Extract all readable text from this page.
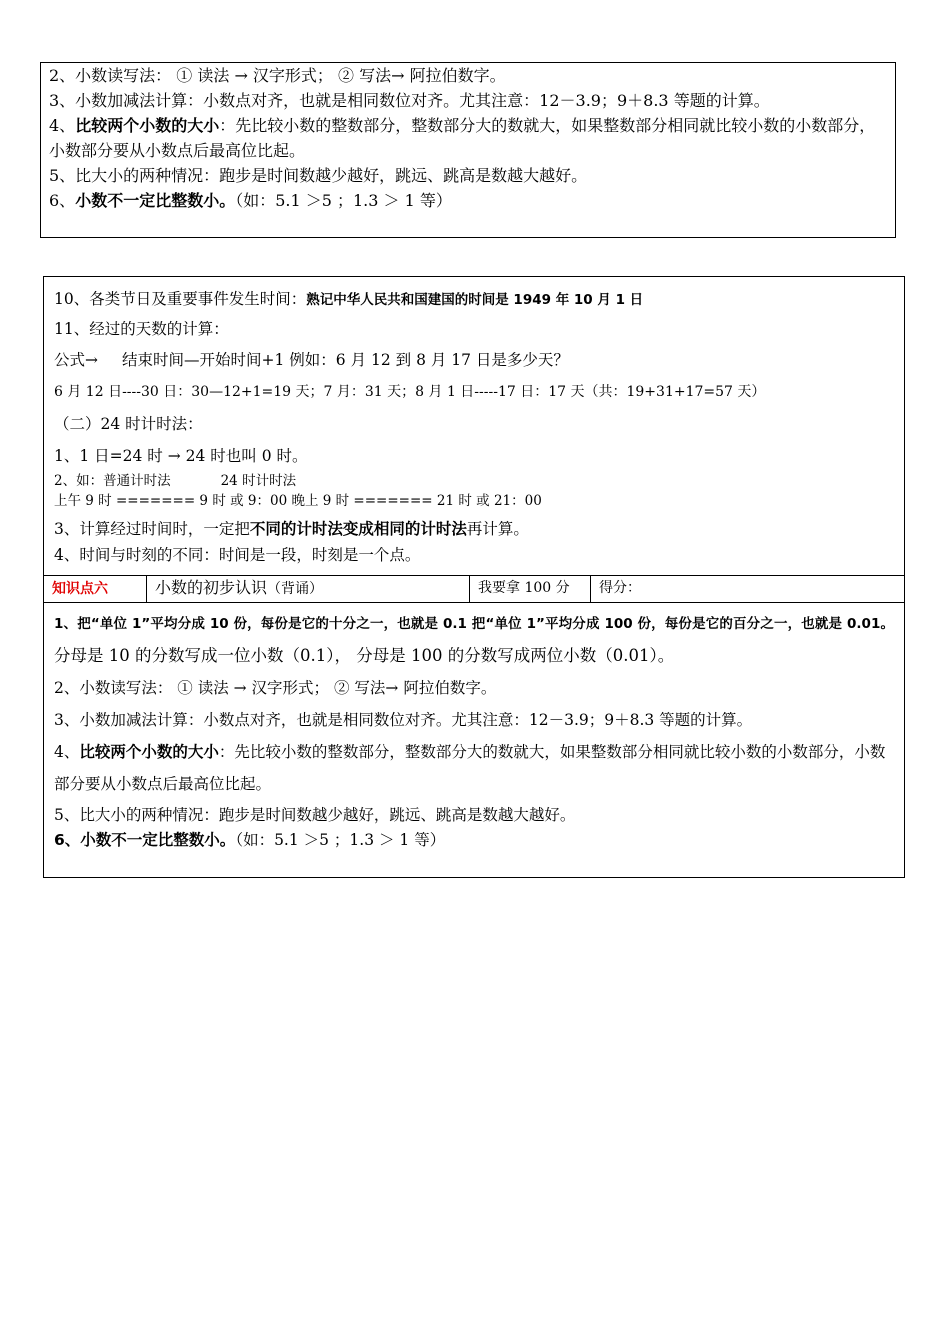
2、小数读写法： ① 读法 → 汉字形式； ② 写法→ 阿拉伯数字。
3、小数加减法计算：小数点对齐，也就是相同数位对齐。尤其注意：12－3.9；9＋8.3 等题的计算。
4、比较两个小数的大小：先比较小数的整数部分，整数部分大的数就大，如果整数部分相同就比较小数的小数部分，小数部分要从小数点后最高位比起。
5、比大小的两种情况：跑步是时间数越少越好，跳远、跳高是数越大越好。
6、小数不一定比整数小。（如：5.1 ＞5 ；1.3 ＞ 1 等）
10、各类节日及重要事件发生时间：熟记中华人民共和国建国的时间是 1949 年 10 月 1 日
11、经过的天数的计算：
公式→ 结束时间—开始时间+1 例如：6 月 12 到 8 月 17 日是多少天？
6 月 12 日----30 日：30—12+1=19 天；7 月：31 天；8 月 1 日-----17 日：17 天（共：19+31+17=57 天）
（二）24 时计时法：
1、1 日=24 时 → 24 时也叫 0 时。
2、如：普通计时法	24 时计时法
上午 9 时 ======= 9 时 或 9：00 晚上 9 时 ======= 21 时 或 21：00
3、计算经过时间时，一定把不同的计时法变成相同的计时法再计算。
4、时间与时刻的不同：时间是一段，时刻是一个点。
知识点六	小数的初步认识（背诵）	我要拿 100 分	得分：
1、把“单位 1”平均分成 10 份，每份是它的十分之一，也就是 0.1 把“单位 1”平均分成 100 份，每份是它的百分之一，也就是 0.01。分母是 10 的分数写成一位小数（0.1）， 分母是 100 的分数写成两位小数（0.01）。
2、小数读写法： ① 读法 → 汉字形式； ② 写法→ 阿拉伯数字。
3、小数加减法计算：小数点对齐，也就是相同数位对齐。尤其注意：12－3.9；9＋8.3 等题的计算。
4、比较两个小数的大小：先比较小数的整数部分，整数部分大的数就大，如果整数部分相同就比较小数的小数部分，小数部分要从小数点后最高位比起。
5、比大小的两种情况：跑步是时间数越少越好，跳远、跳高是数越大越好。
6、小数不一定比整数小。（如：5.1 ＞5 ；1.3 ＞ 1 等）
